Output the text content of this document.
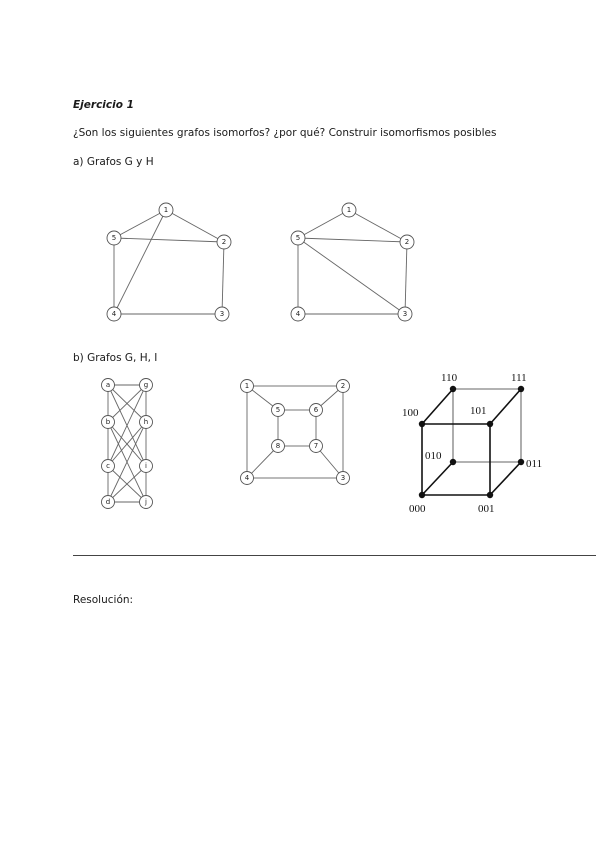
Ejercicio 1
¿Son los siguientes grafos isomorfos? ¿por qué? Construir isomorfismos posibles
a) Grafos G y H
b) Grafos G, H, I
Resolución:
1
2
3
4
5
1
2
3
4
5
a	g
b	h
c	i
d	j
1	2
3
4
5	6
7
8
110	111
100	101
010
011
000	001
